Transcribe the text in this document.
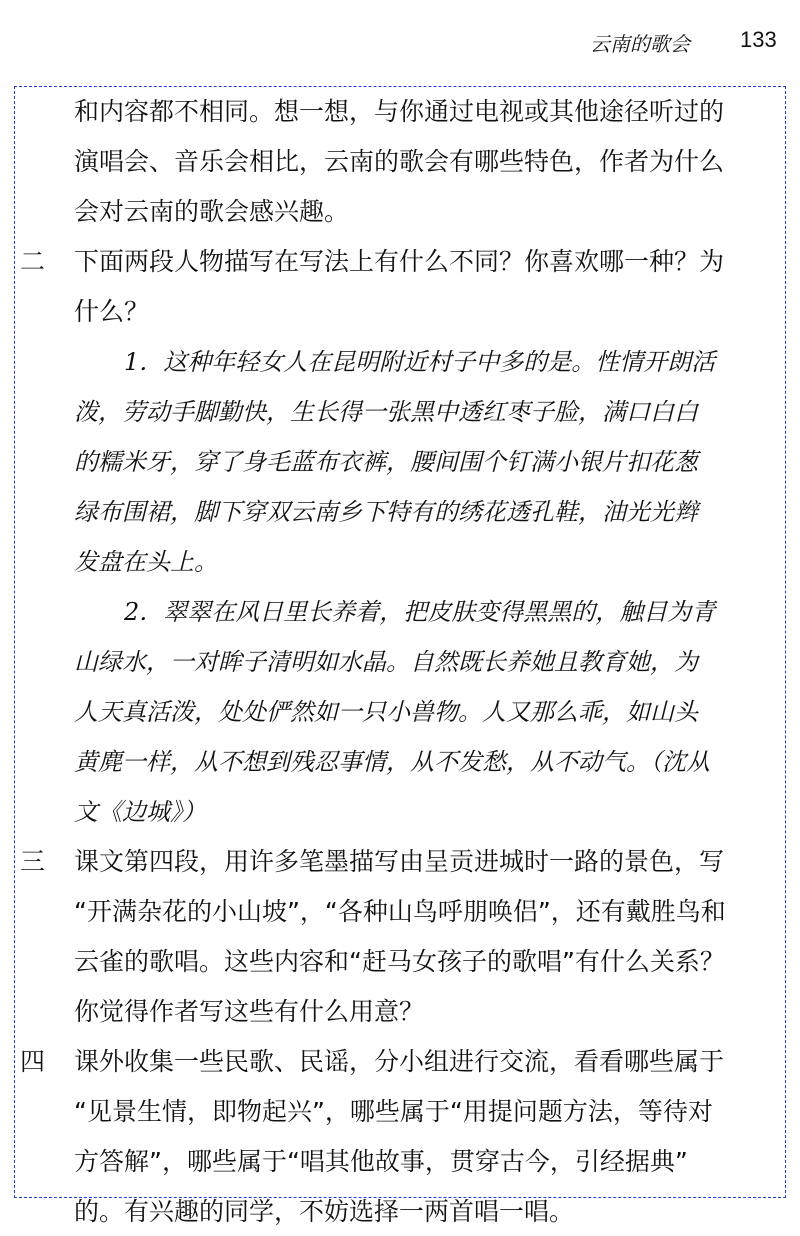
云南的歌会 133
和内容都不相同。想一想，与你通过电视或其他途径听过的
演唱会、音乐会相比，云南的歌会有哪些特色，作者为什么
会对云南的歌会感兴趣。
二 下面两段人物描写在写法上有什么不同？你喜欢哪一种？为
什么？
1．这种年轻女人在昆明附近村子中多的是。性情开朗活
泼，劳动手脚勤快，生长得一张黑中透红枣子脸，满口白白
的糯米牙，穿了身毛蓝布衣裤，腰间围个钉满小银片扣花葱
绿布围裙，脚下穿双云南乡下特有的绣花透孔鞋，油光光辫
发盘在头上。
2．翠翠在风日里长养着，把皮肤变得黑黑的，触目为青
山绿水，一对眸子清明如水晶。自然既长养她且教育她，为
人天真活泼，处处俨然如一只小兽物。人又那么乖，如山头
黄麂一样，从不想到残忍事情，从不发愁，从不动气。（沈从
文《边城》）
三 课文第四段，用许多笔墨描写由呈贡进城时一路的景色，写
“开满杂花的小山坡”，“各种山鸟呼朋唤侣”，还有戴胜鸟和
云雀的歌唱。这些内容和“赶马女孩子的歌唱”有什么关系？
你觉得作者写这些有什么用意？
四 课外收集一些民歌、民谣，分小组进行交流，看看哪些属于
“见景生情，即物起兴”，哪些属于“用提问题方法，等待对
方答解”，哪些属于“唱其他故事，贯穿古今，引经据典”
的。有兴趣的同学，不妨选择一两首唱一唱。
